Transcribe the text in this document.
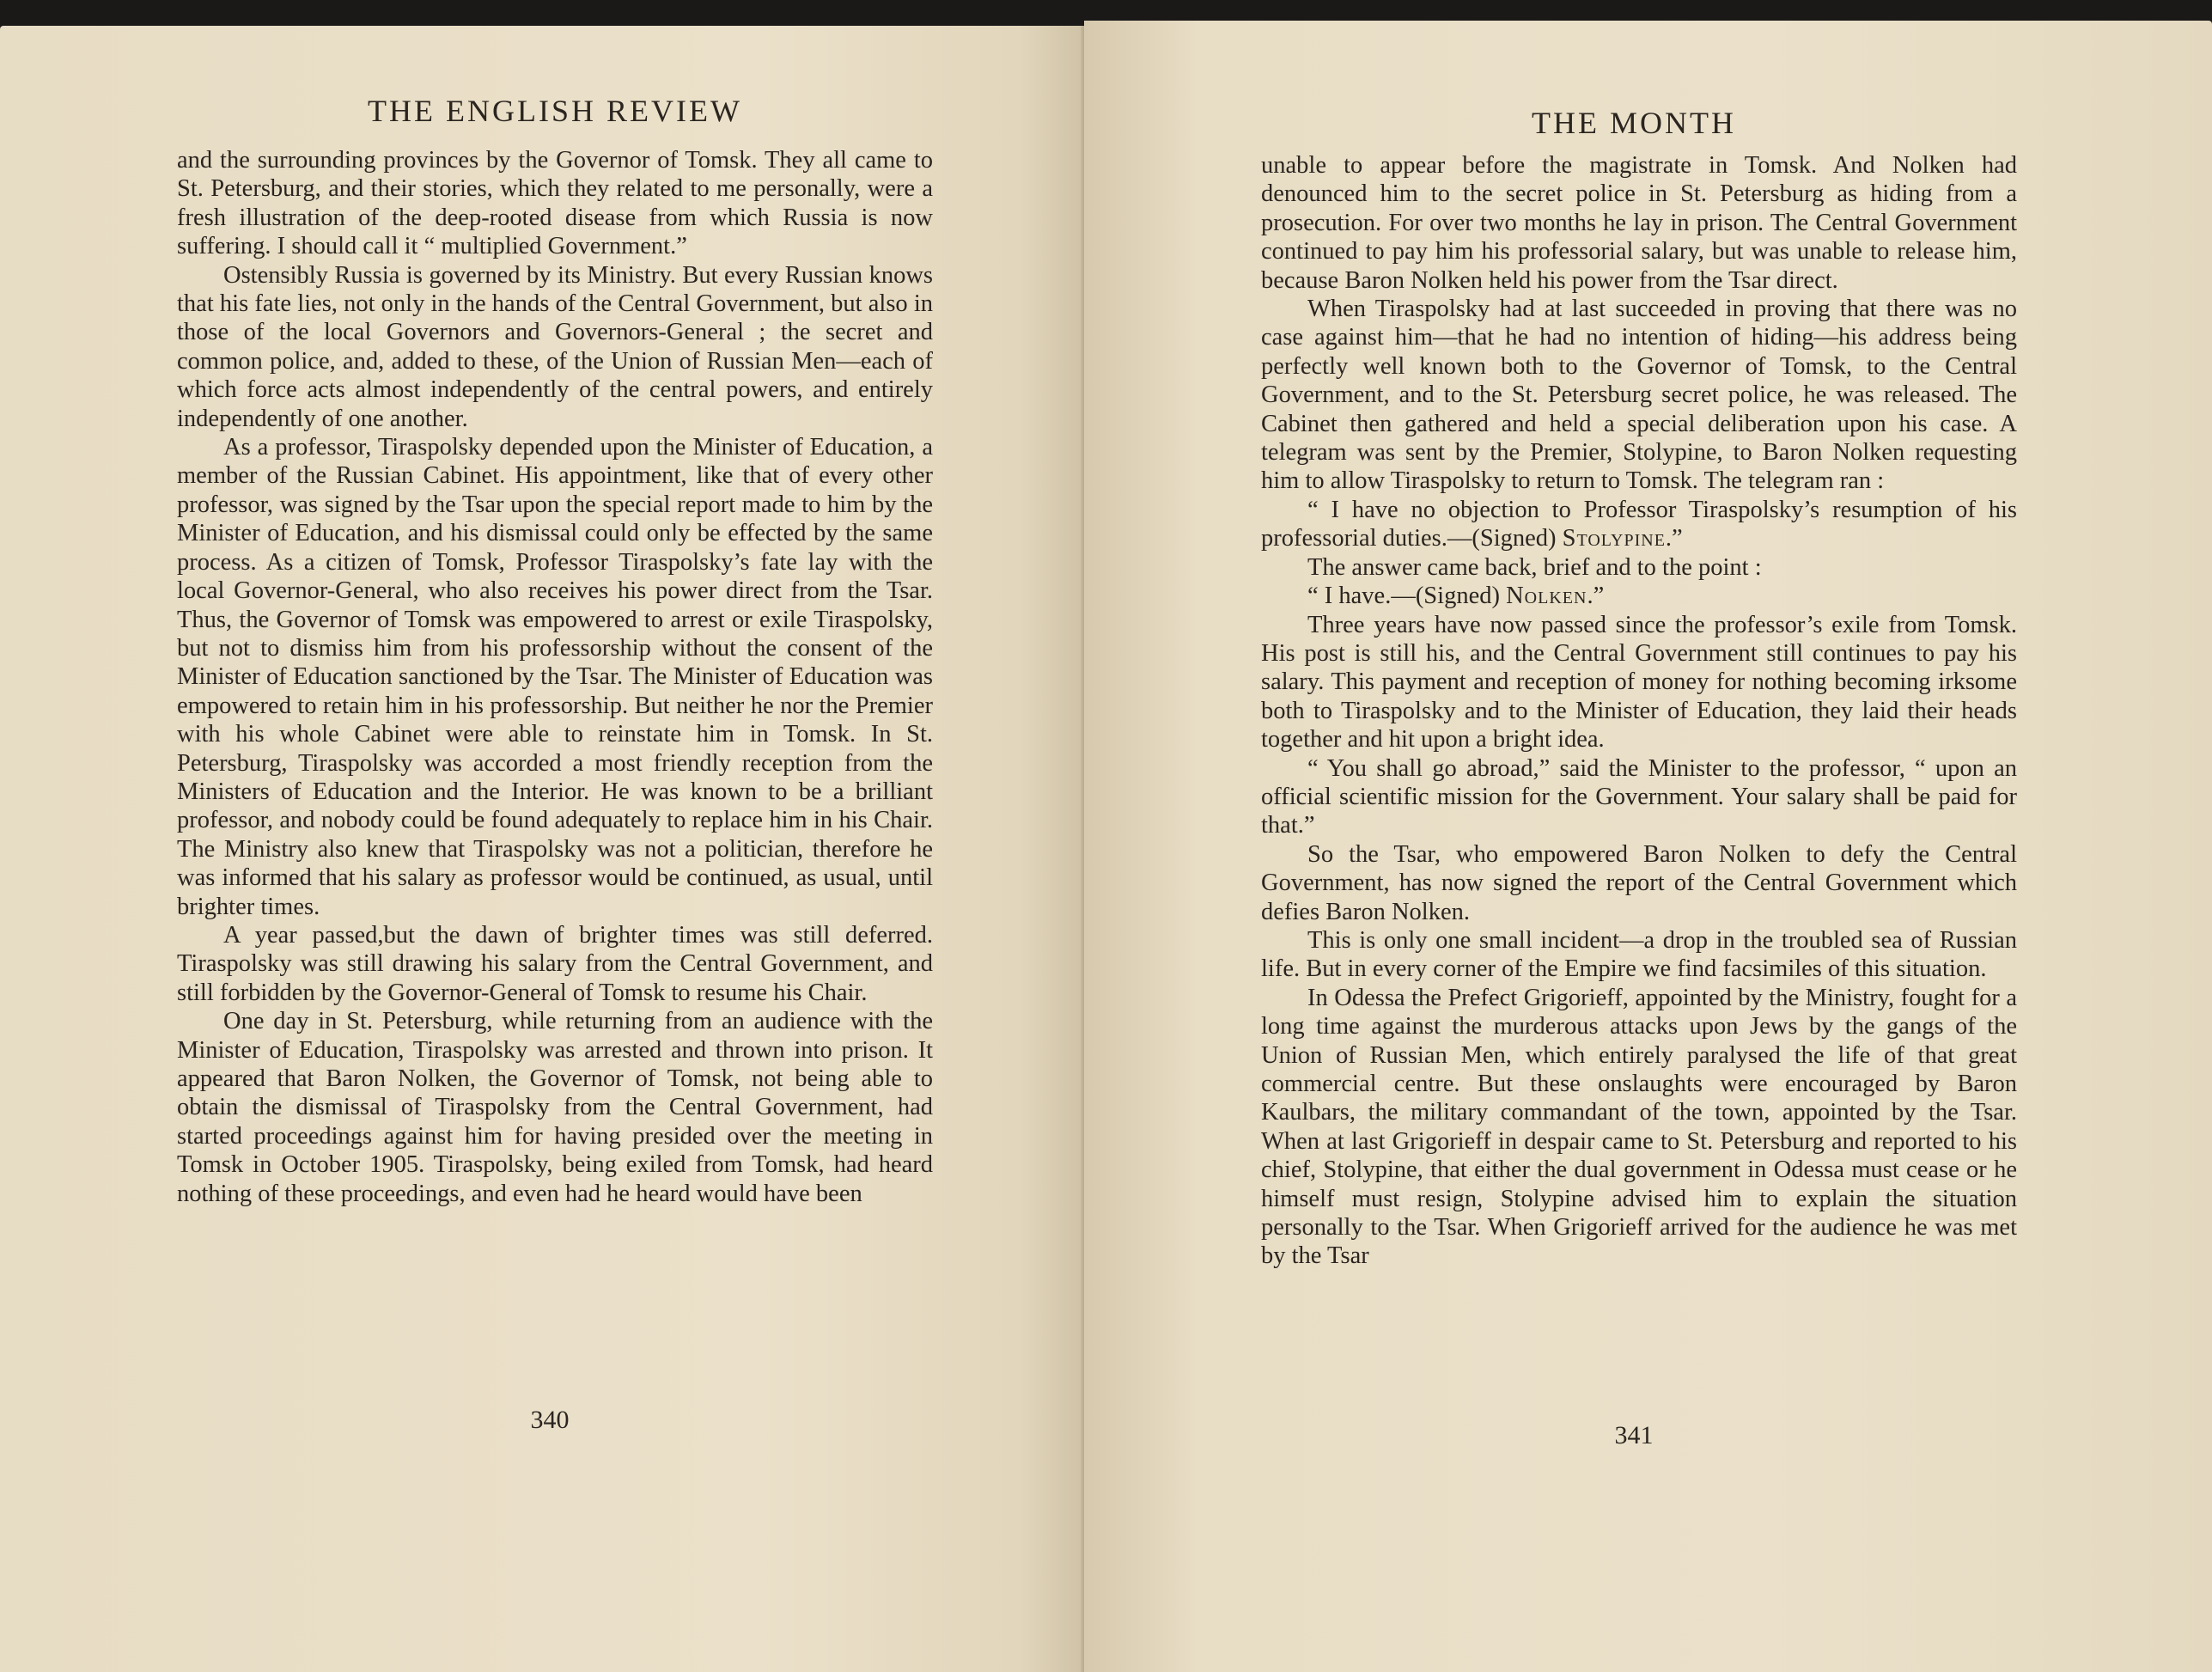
THE ENGLISH REVIEW

and the surrounding provinces by the Governor of Tomsk. They all came to St. Petersburg, and their stories, which they related to me personally, were a fresh illustration of the deep-rooted disease from which Russia is now suffering. I should call it “ multiplied Government.”

Ostensibly Russia is governed by its Ministry. But every Russian knows that his fate lies, not only in the hands of the Central Government, but also in those of the local Governors and Governors-General ; the secret and common police, and, added to these, of the Union of Russian Men—each of which force acts almost independently of the central powers, and entirely independently of one another.

As a professor, Tiraspolsky depended upon the Minister of Education, a member of the Russian Cabinet. His appointment, like that of every other professor, was signed by the Tsar upon the special report made to him by the Minister of Education, and his dismissal could only be effected by the same process. As a citizen of Tomsk, Professor Tiraspolsky’s fate lay with the local Governor-General, who also receives his power direct from the Tsar. Thus, the Governor of Tomsk was empowered to arrest or exile Tiraspolsky, but not to dismiss him from his professorship without the consent of the Minister of Education sanctioned by the Tsar. The Minister of Education was empowered to retain him in his professorship. But neither he nor the Premier with his whole Cabinet were able to reinstate him in Tomsk. In St. Petersburg, Tiraspolsky was accorded a most friendly reception from the Ministers of Education and the Interior. He was known to be a brilliant professor, and nobody could be found adequately to replace him in his Chair. The Ministry also knew that Tiraspolsky was not a politician, therefore he was informed that his salary as professor would be continued, as usual, until brighter times.

A year passed,but the dawn of brighter times was still deferred. Tiraspolsky was still drawing his salary from the Central Government, and still forbidden by the Governor-General of Tomsk to resume his Chair.

One day in St. Petersburg, while returning from an audience with the Minister of Education, Tiraspolsky was arrested and thrown into prison. It appeared that Baron Nolken, the Governor of Tomsk, not being able to obtain the dismissal of Tiraspolsky from the Central Government, had started proceedings against him for having presided over the meeting in Tomsk in October 1905. Tiraspolsky, being exiled from Tomsk, had heard nothing of these proceedings, and even had he heard would have been

340
THE MONTH

unable to appear before the magistrate in Tomsk. And Nolken had denounced him to the secret police in St. Petersburg as hiding from a prosecution. For over two months he lay in prison. The Central Government continued to pay him his professorial salary, but was unable to release him, because Baron Nolken held his power from the Tsar direct.

When Tiraspolsky had at last succeeded in proving that there was no case against him—that he had no intention of hiding—his address being perfectly well known both to the Governor of Tomsk, to the Central Government, and to the St. Petersburg secret police, he was released. The Cabinet then gathered and held a special deliberation upon his case. A telegram was sent by the Premier, Stolypine, to Baron Nolken requesting him to allow Tiraspolsky to return to Tomsk. The telegram ran :

“ I have no objection to Professor Tiraspolsky’s resumption of his professorial duties.—(Signed) Stolypine.”

The answer came back, brief and to the point :

“ I have.—(Signed) Nolken.”

Three years have now passed since the professor’s exile from Tomsk. His post is still his, and the Central Government still continues to pay his salary. This payment and reception of money for nothing becoming irksome both to Tiraspolsky and to the Minister of Education, they laid their heads together and hit upon a bright idea.

“ You shall go abroad,” said the Minister to the professor, “ upon an official scientific mission for the Government. Your salary shall be paid for that.”

So the Tsar, who empowered Baron Nolken to defy the Central Government, has now signed the report of the Central Government which defies Baron Nolken.

This is only one small incident—a drop in the troubled sea of Russian life. But in every corner of the Empire we find facsimiles of this situation.

In Odessa the Prefect Grigorieff, appointed by the Ministry, fought for a long time against the murderous attacks upon Jews by the gangs of the Union of Russian Men, which entirely paralysed the life of that great commercial centre. But these onslaughts were encouraged by Baron Kaulbars, the military commandant of the town, appointed by the Tsar. When at last Grigorieff in despair came to St. Petersburg and reported to his chief, Stolypine, that either the dual government in Odessa must cease or he himself must resign, Stolypine advised him to explain the situation personally to the Tsar. When Grigorieff arrived for the audience he was met by the Tsar

341
